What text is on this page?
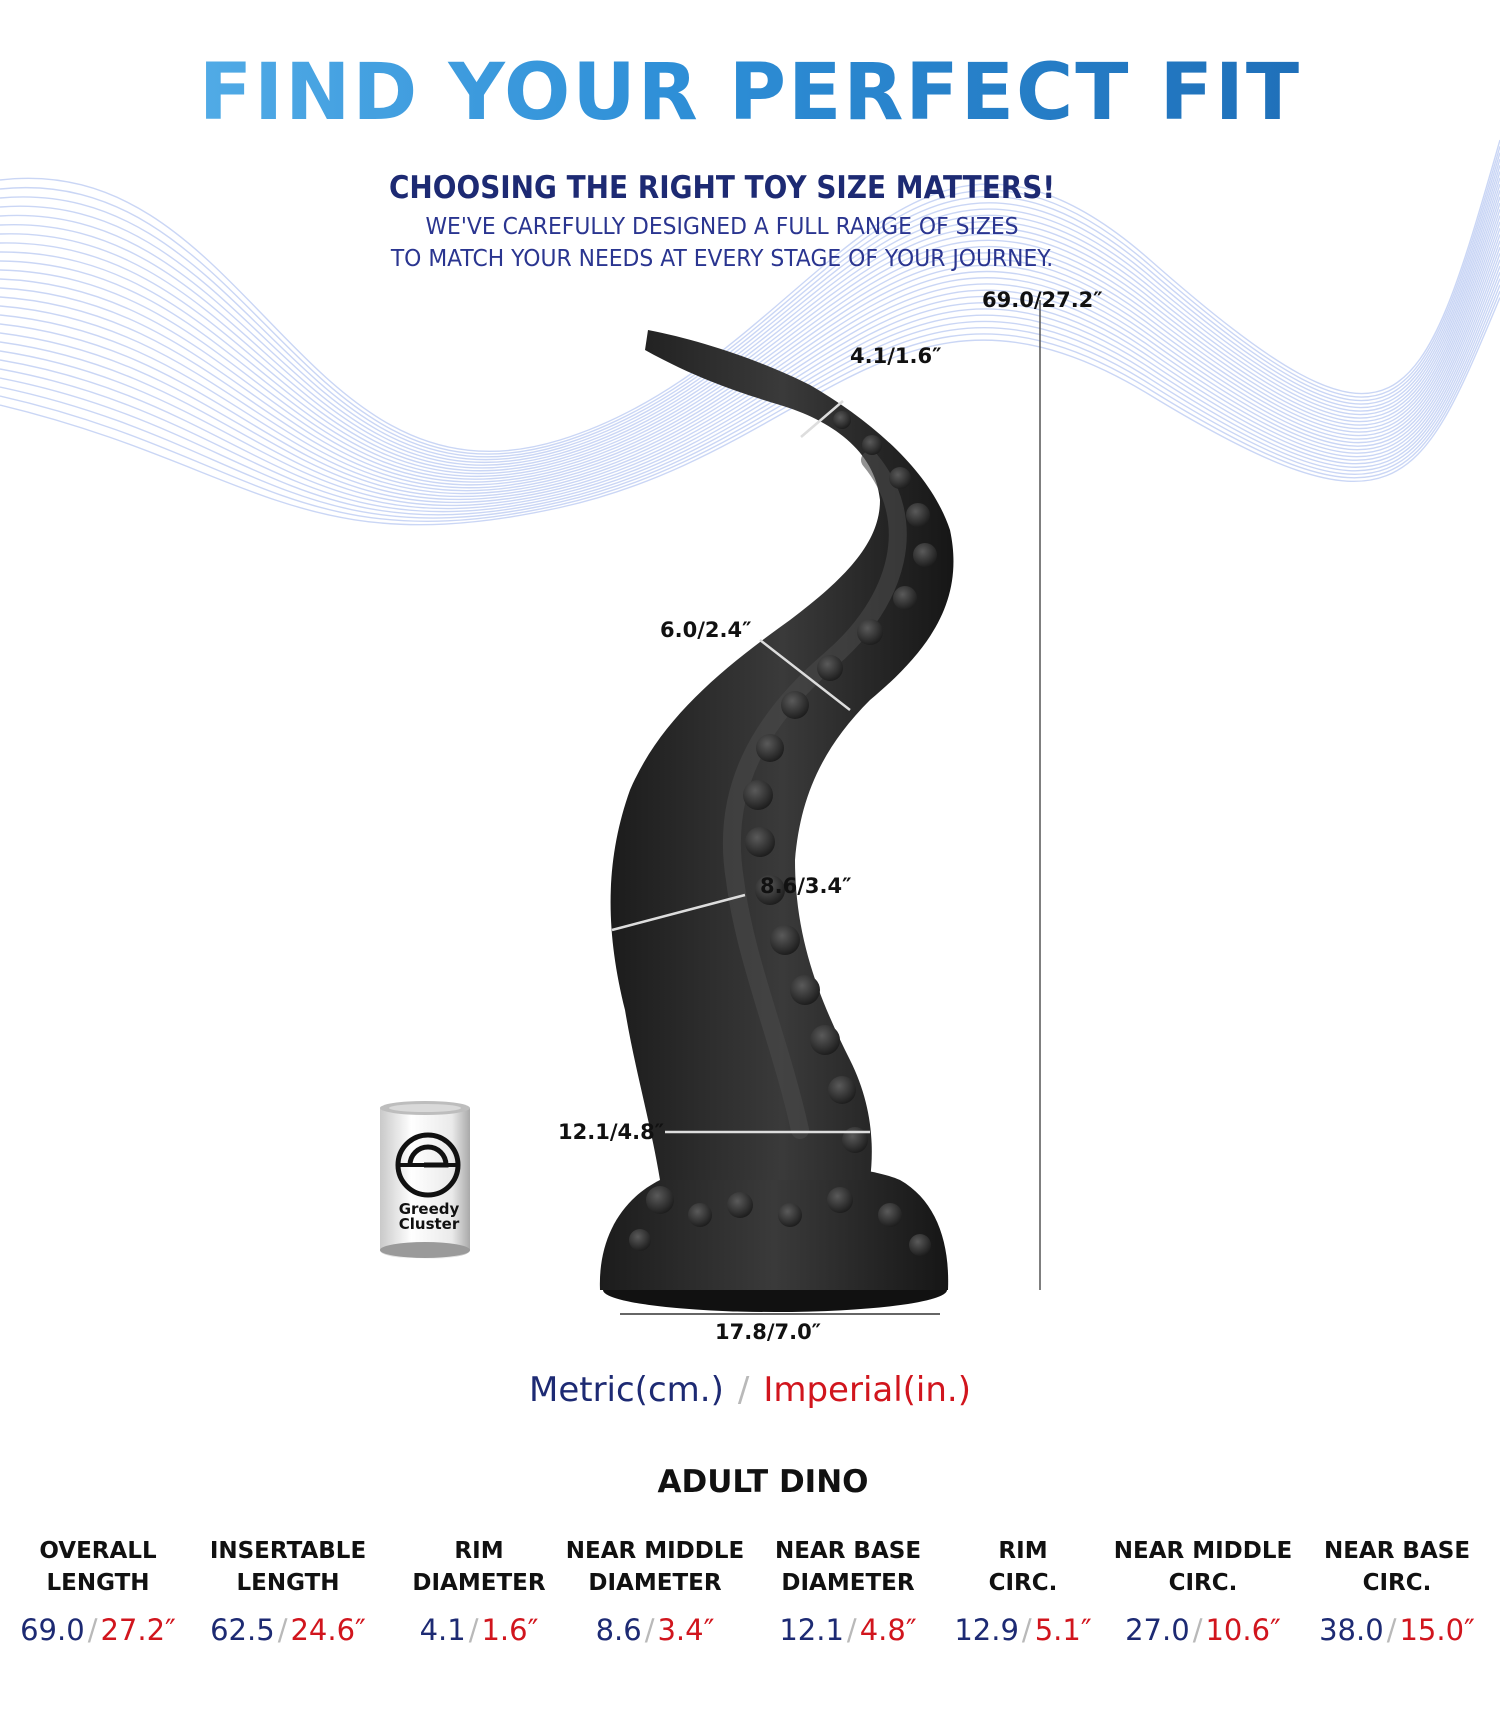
FIND YOUR PERFECT FIT
CHOOSING THE RIGHT TOY SIZE MATTERS!
WE'VE CAREFULLY DESIGNED A FULL RANGE OF SIZES
TO MATCH YOUR NEEDS AT EVERY STAGE OF YOUR JOURNEY.
Greedy
Cluster
69.0/27.2″
4.1/1.6″
6.0/2.4″
8.6/3.4″
12.1/4.8″
17.8/7.0″
Metric(cm.) / Imperial(in.)
ADULT DINO
OVERALL
LENGTH
69.0 / 27.2″
INSERTABLE
LENGTH
62.5 / 24.6″
RIM
DIAMETER
4.1 / 1.6″
NEAR MIDDLE
DIAMETER
8.6 / 3.4″
NEAR BASE
DIAMETER
12.1 / 4.8″
RIM
CIRC.
12.9 / 5.1″
NEAR MIDDLE
CIRC.
27.0 / 10.6″
NEAR BASE
CIRC.
38.0 / 15.0″
